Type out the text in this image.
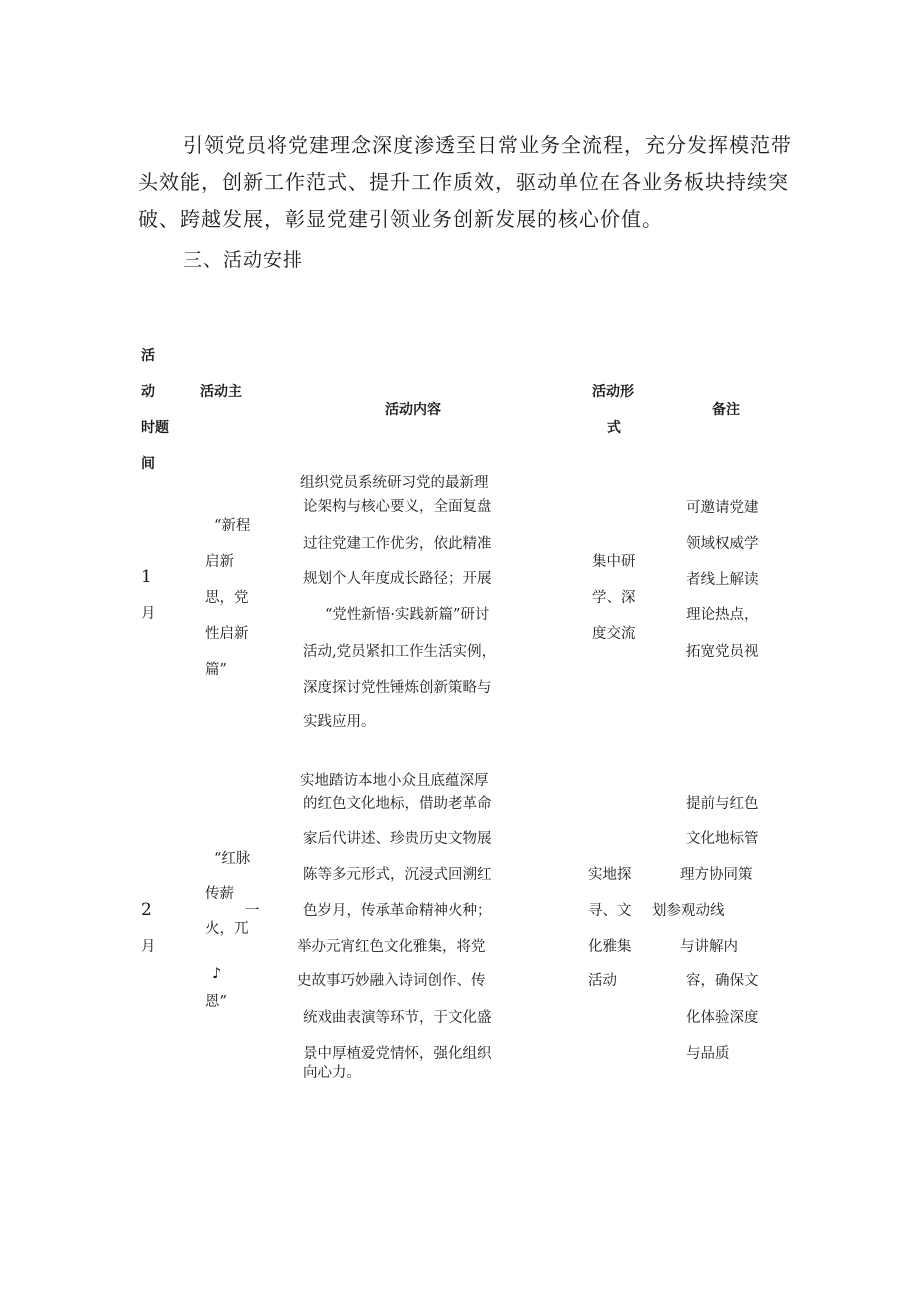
引领党员将党建理念深度渗透至日常业务全流程，充分发挥模范带
头效能，创新工作范式、提升工作质效，驱动单位在各业务板块持续突
破、跨越发展，彰显党建引领业务创新发展的核心价值。
三、活动安排
活
动
时题
间
活动主
活动内容
活动形
式
备注
1
月
“新程
启新
思，党
性启新
篇”
组织党员系统研习党的最新理
论架构与核心要义，全面复盘
过往党建工作优劣，依此精准
规划个人年度成长路径；开展
“党性新悟·实践新篇”研讨
活动,党员紧扣工作生活实例，
深度探讨党性锤炼创新策略与
实践应用。
集中研
学、深
度交流
可邀请党建
领域权威学
者线上解读
理论热点，
拓宽党员视
2
月
“红脉
传薪
一
火，兀
♪
恩”
实地踏访本地小众且底蕴深厚
的红色文化地标，借助老革命
家后代讲述、珍贵历史文物展
陈等多元形式，沉浸式回溯红
色岁月，传承革命精神火种；
举办元宵红色文化雅集，将党
史故事巧妙融入诗词创作、传
统戏曲表演等环节，于文化盛
景中厚植爱党情怀，强化组织
向心力。
实地探
寻、文
化雅集
活动
提前与红色
文化地标管
理方协同策
划参观动线
与讲解内
容，确保文
化体验深度
与品质
